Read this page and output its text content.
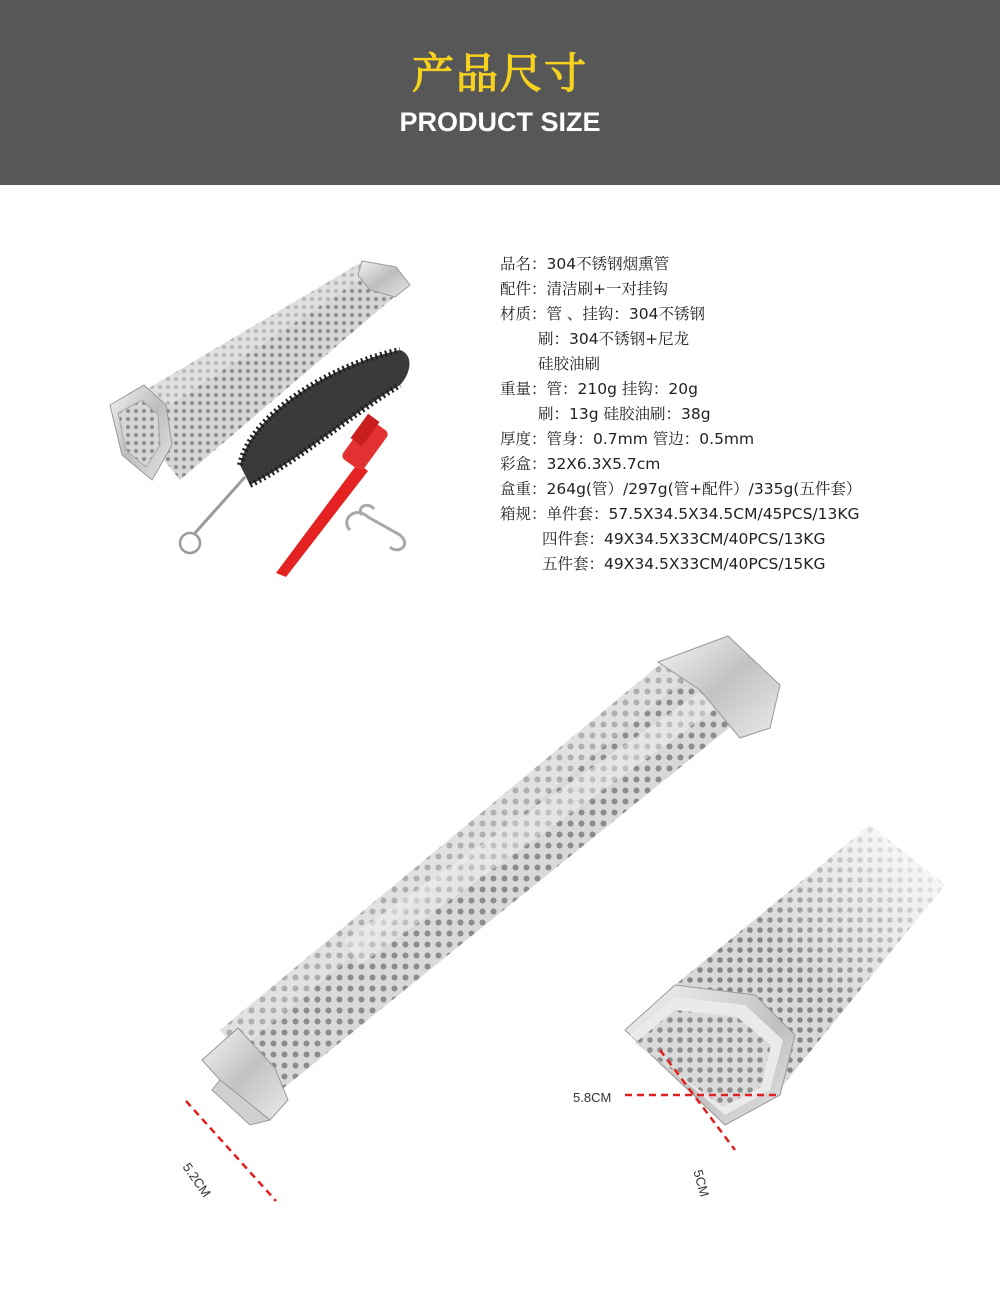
产品尺寸
PRODUCT SIZE
品名：304不锈钢烟熏管
配件：清洁刷+一对挂钩
材质：管 、挂钩：304不锈钢
刷：304不锈钢+尼龙
硅胶油刷
重量：管：210g 挂钩：20g
刷：13g 硅胶油刷：38g
厚度：管身：0.7mm 管边：0.5mm
彩盒：32X6.3X5.7cm
盒重：264g(管）/297g(管+配件）/335g(五件套）
箱规：单件套：57.5X34.5X34.5CM/45PCS/13KG
四件套：49X34.5X33CM/40PCS/13KG
五件套：49X34.5X33CM/40PCS/15KG
5.2CM
5.8CM
5CM
